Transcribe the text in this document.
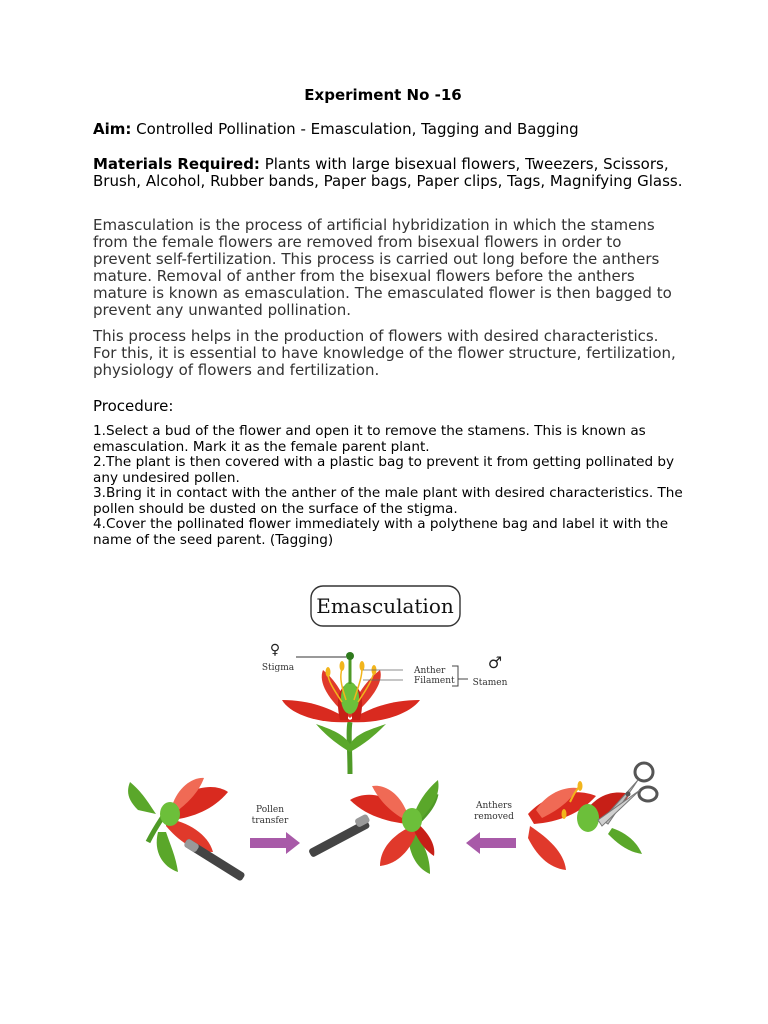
Experiment No -16

Aim: Controlled Pollination - Emasculation, Tagging and Bagging

Materials Required: Plants with large bisexual flowers, Tweezers, Scissors, Brush, Alcohol, Rubber bands, Paper bags, Paper clips, Tags, Magnifying Glass.

Emasculation is the process of artificial hybridization in which the stamens from the female flowers are removed from bisexual flowers in order to prevent self-fertilization. This process is carried out long before the anthers mature. Removal of anther from the bisexual flowers before the anthers mature is known as emasculation. The emasculated flower is then bagged to prevent any unwanted pollination.

This process helps in the production of flowers with desired characteristics. For this, it is essential to have knowledge of the flower structure, fertilization, physiology of flowers and fertilization.

Procedure:

1.Select a bud of the flower and open it to remove the stamens. This is known as emasculation. Mark it as the female parent plant.

2.The plant is then covered with a plastic bag to prevent it from getting pollinated by any undesired pollen.

3.Bring it in contact with the anther of the male plant with desired characteristics. The pollen should be dusted on the surface of the stigma.

4.Cover the pollinated flower immediately with a polythene bag and label it with the name of the seed parent. (Tagging)

Emasculation
♀
Stigma	Anther
Filament
♂
Stamen
Pollen
transfer
Anthers
removed
